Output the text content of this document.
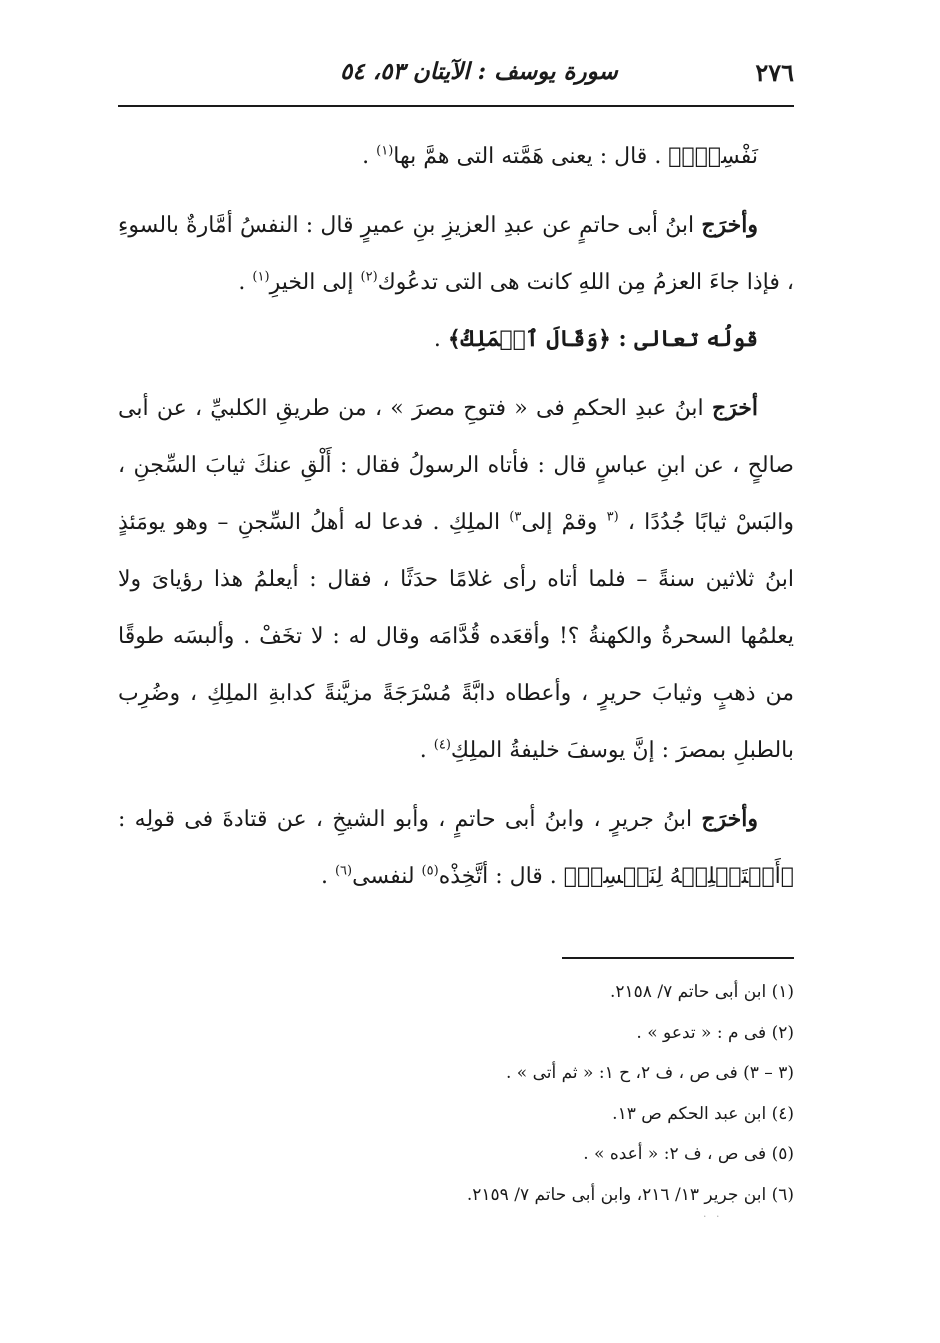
٢٧٦
سورة يوسف : الآيتان ٥٣، ٥٤

نَفْسِيٓۚ﴾ . قال : يعنى هَمَّته التى همَّ بها$^{(١)}$ .

وأخرَج ابنُ أبى حاتمٍ عن عبدِ العزيزِ بنِ عميرٍ قال : النفسُ أمَّارةٌ بالسوءِ ، فإذا جاءَ العزمُ مِن اللهِ كانت هى التى تدعُوك$^{(٢)}$ إلى الخيرِ$^{(١)}$ .

قولُه تعالى : ﴿وَقَالَ ٱلۡمَلِكُ﴾ .

أخرَج ابنُ عبدِ الحكمِ فى « فتوحِ مصرَ » ، من طريقِ الكلبيِّ ، عن أبى صالحٍ ، عن ابنِ عباسٍ قال : فأتاه الرسولُ فقال : أَلْقِ عنكَ ثيابَ السِّجنِ ، والبَسْ ثيابًا جُدُدًا ، $^{(٣}$ وقمْ إلى$^{٣)}$ الملِكِ . فدعا له أهلُ السِّجنِ – وهو يومَئذٍ ابنُ ثلاثين سنةً – فلما أتاه رأى غلامًا حدَثًا ، فقال : أيعلمُ هذا رؤيایَ ولا يعلمُها السحرةُ والكهنةُ ؟! وأقعَده قُدَّامَه وقال له : لا تخَفْ . وألبسَه طوقًا من ذهبٍ وثيابَ حريرٍ ، وأعطاه دابَّةً مُسْرَجَةً مزيَّنةً كدابةِ الملِكِ ، وضُرِب بالطبلِ بمصرَ : إنَّ يوسفَ خليفةُ الملِكِ$^{(٤)}$ .

وأخرَج ابنُ جريرٍ ، وابنُ أبى حاتمٍ ، وأبو الشيخِ ، عن قتادةَ فى قولِه : ﴿أَسۡتَخۡلِصۡهُ لِنَفۡسِيۖ﴾ . قال : أتَّخِذْه$^{(٥)}$ لنفسى$^{(٦)}$ .

(١) ابن أبى حاتم ٧/ ٢١٥٨.
(٢) فى م : « تدعو » .
(٣ – ٣) فى ص ، ف ٢، ح ١: « ثم أتى » .
(٤) ابن عبد الحكم ص ١٣.
(٥) فى ص ، ف ٢: « أعده » .
(٦) ابن جرير ١٣/ ٢١٦، وابن أبى حاتم ٧/ ٢١٥٩.
· ·
